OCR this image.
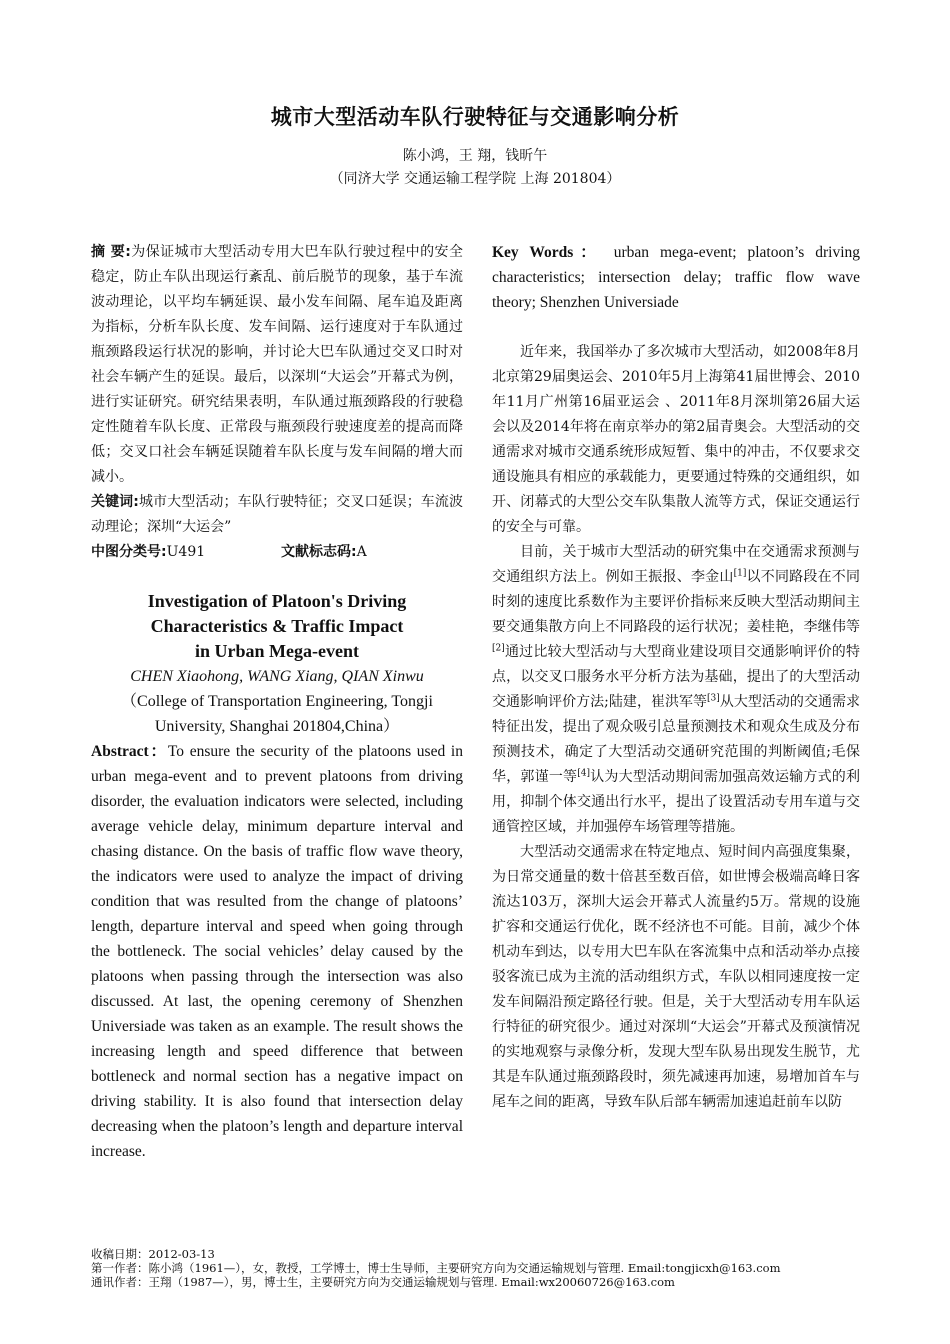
城市大型活动车队行驶特征与交通影响分析
陈小鸿，王 翔，钱昕午
（同济大学 交通运输工程学院 上海 201804）

摘 要:为保证城市大型活动专用大巴车队行驶过程中的安全稳定，防止车队出现运行紊乱、前后脱节的现象，基于车流波动理论，以平均车辆延误、最小发车间隔、尾车追及距离为指标，分析车队长度、发车间隔、运行速度对于车队通过瓶颈路段运行状况的影响，并讨论大巴车队通过交叉口时对社会车辆产生的延误。最后，以深圳“大运会”开幕式为例，进行实证研究。研究结果表明，车队通过瓶颈路段的行驶稳定性随着车队长度、正常段与瓶颈段行驶速度差的提高而降低；交叉口社会车辆延误随着车队长度与发车间隔的增大而减小。

关键词:城市大型活动；车队行驶特征；交叉口延误；车流波动理论；深圳“大运会”

中图分类号:U491	文献标志码:A
Investigation of Platoon's Driving
Characteristics & Traffic Impact
in Urban Mega-event

CHEN Xiaohong, WANG Xiang, QIAN Xinwu

（College of Transportation Engineering, Tongji

University, Shanghai 201804,China）

Abstract：To ensure the security of the platoons used in urban mega-event and to prevent platoons from driving disorder, the evaluation indicators were selected, including average vehicle delay, minimum departure interval and chasing distance. On the basis of traffic flow wave theory, the indicators were used to analyze the impact of driving condition that was resulted from the change of platoons’ length, departure interval and speed when going through the bottleneck. The social vehicles’ delay caused by the platoons when passing through the intersection was also discussed. At last, the opening ceremony of Shenzhen Universiade was taken as an example. The result shows the increasing length and speed difference that between bottleneck and normal section has a negative impact on driving stability. It is also found that intersection delay decreasing when the platoon’s length and departure interval increase.

Key Words： urban mega-event; platoon’s driving characteristics; intersection delay; traffic flow wave theory; Shenzhen Universiade

近年来，我国举办了多次城市大型活动，如2008年8月北京第29届奥运会、2010年5月上海第41届世博会、2010年11月广州第16届亚运会 、2011年8月深圳第26届大运会以及2014年将在南京举办的第2届青奥会。大型活动的交通需求对城市交通系统形成短暂、集中的冲击，不仅要求交通设施具有相应的承载能力，更要通过特殊的交通组织，如开、闭幕式的大型公交车队集散人流等方式，保证交通运行的安全与可靠。

目前，关于城市大型活动的研究集中在交通需求预测与交通组织方法上。例如王振报、李金山[1]以不同路段在不同时刻的速度比系数作为主要评价指标来反映大型活动期间主要交通集散方向上不同路段的运行状况；姜桂艳，李继伟等[2]通过比较大型活动与大型商业建设项目交通影响评价的特点，以交叉口服务水平分析方法为基础，提出了的大型活动交通影响评价方法;陆建，崔洪军等[3]从大型活动的交通需求特征出发，提出了观众吸引总量预测技术和观众生成及分布预测技术，确定了大型活动交通研究范围的判断阈值;毛保华，郭谨一等[4]认为大型活动期间需加强高效运输方式的利用，抑制个体交通出行水平，提出了设置活动专用车道与交通管控区域，并加强停车场管理等措施。

大型活动交通需求在特定地点、短时间内高强度集聚，为日常交通量的数十倍甚至数百倍，如世博会极端高峰日客流达103万，深圳大运会开幕式人流量约5万。常规的设施扩容和交通运行优化，既不经济也不可能。目前，减少个体机动车到达，以专用大巴车队在客流集中点和活动举办点接驳客流已成为主流的活动组织方式，车队以相同速度按一定发车间隔沿预定路径行驶。但是，关于大型活动专用车队运行特征的研究很少。通过对深圳“大运会”开幕式及预演情况的实地观察与录像分析，发现大型车队易出现发生脱节，尤其是车队通过瓶颈路段时，须先减速再加速，易增加首车与尾车之间的距离，导致车队后部车辆需加速追赶前车以防

收稿日期：2012-03-13
第一作者：陈小鸿（1961—），女，教授，工学博士，博士生导师，主要研究方向为交通运输规划与管理. Email:tongjicxh@163.com
通讯作者：王翔（1987—），男，博士生，主要研究方向为交通运输规划与管理. Email:wx20060726@163.com
